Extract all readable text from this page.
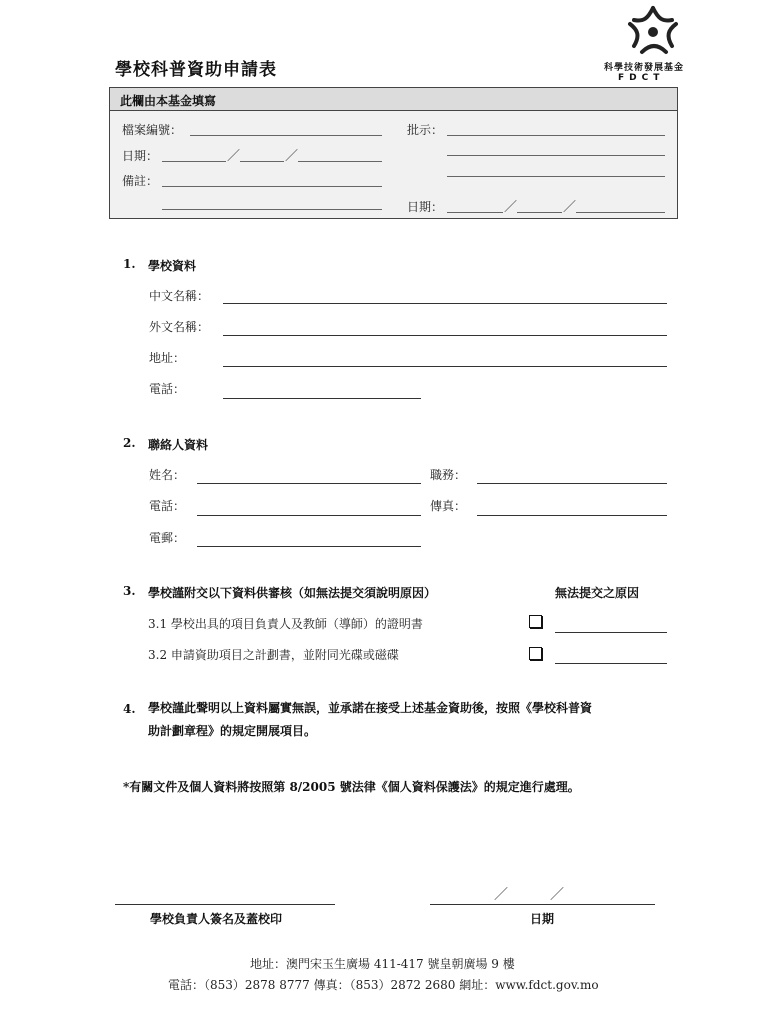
學校科普資助申請表	科學技術發展基金
FDCT
此欄由本基金填寫
檔案編號：
日期：	／	／
備註：
批示：
日期：	／	／
1. 學校資料
中文名稱：
外文名稱：
地址：
電話：
2. 聯絡人資料
姓名：	職務：
電話：	傳真：
電郵：
3. 學校謹附交以下資料供審核（如無法提交須說明原因）	無法提交之原因
3.1 學校出具的項目負責人及教師（導師）的證明書
3.2 申請資助項目之計劃書，並附同光碟或磁碟
4. 學校謹此聲明以上資料屬實無誤，並承諾在接受上述基金資助後，按照《學校科普資
助計劃章程》的規定開展項目。
*有關文件及個人資料將按照第 8/2005 號法律《個人資料保護法》的規定進行處理。
學校負責人簽名及蓋校印
／	／
日期
地址：澳門宋玉生廣場 411-417 號皇朝廣場 9 樓
電話：（853）2878 8777 傳真：（853）2872 2680 網址：www.fdct.gov.mo
